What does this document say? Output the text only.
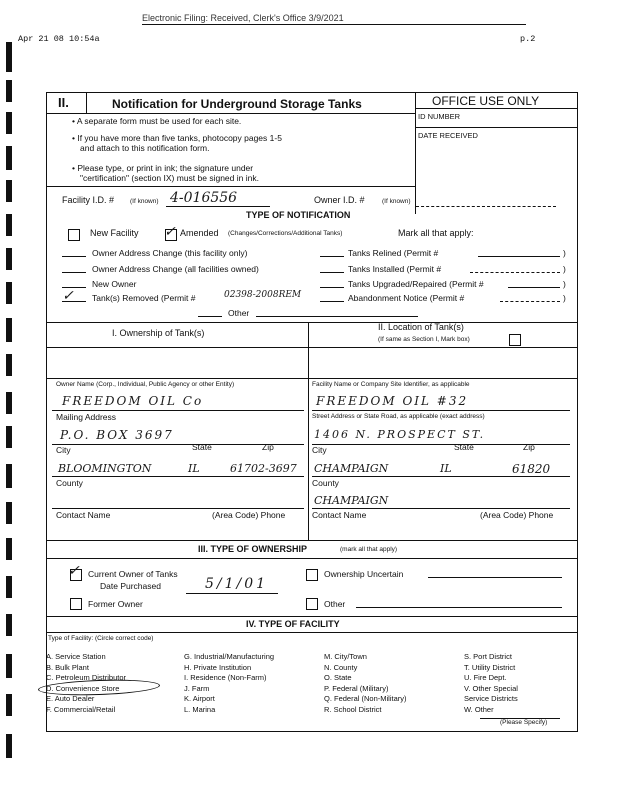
Electronic Filing: Received, Clerk's Office 3/9/2021
Apr 21 08 10:54a	p.2
II.	Notification for Underground Storage Tanks	OFFICE USE ONLY
ID NUMBER
DATE RECEIVED
• A separate form must be used for each site.
• If you have more than five tanks, photocopy pages 1-5
and attach to this notification form.
• Please type, or print in ink; the signature under
"certification" (section IX) must be signed in ink.
Facility I.D. # (If known) 4-016556	Owner I.D. #	(If known)
TYPE OF NOTIFICATION
New Facility ✓ Amended (Changes/Corrections/Additional Tanks)	Mark all that apply:
Owner Address Change (this facility only)
Owner Address Change (all facilities owned)
New Owner
✓ Tank(s) Removed (Permit #	02398-2008REM
Tanks Relined (Permit #	)
Tanks Installed (Permit #	)
Tanks Upgraded/Repaired (Permit #	)
Abandonment Notice (Permit #	)
Other
I. Ownership of Tank(s)
II. Location of Tank(s)
(If same as Section I, Mark box)
Owner Name (Corp., Individual, Public Agency or other Entity)
FREEDOM OIL Co
Mailing Address
P.O. BOX 3697
City	State	Zip
BLOOMINGTON	IL	61702-3697
County
Contact Name	(Area Code) Phone
Facility Name or Company Site Identifier, as applicable
FREEDOM OIL #32
Street Address or State Road, as applicable (exact address)
1406 N. PROSPECT ST.
City	State	Zip
CHAMPAIGN	IL	61820
County
CHAMPAIGN
Contact Name	(Area Code) Phone
III. TYPE OF OWNERSHIP	(mark all that apply)
✓ Current Owner of Tanks
Date Purchased	5/1/01
Former Owner
Ownership Uncertain
Other
IV. TYPE OF FACILITY
Type of Facility: (Circle correct code)
A. Service Station
B. Bulk Plant
C. Petroleum Distributor
D. Convenience Store
E. Auto Dealer
F. Commercial/Retail
G. Industrial/Manufacturing
H. Private Institution
I. Residence (Non-Farm)
J. Farm
K. Airport
L. Marina
M. City/Town
N. County
O. State
P. Federal (Military)
Q. Federal (Non-Military)
R. School District
S. Port District
T. Utility District
U. Fire Dept.
V. Other Special
Service Districts
W. Other
(Please Specify)
